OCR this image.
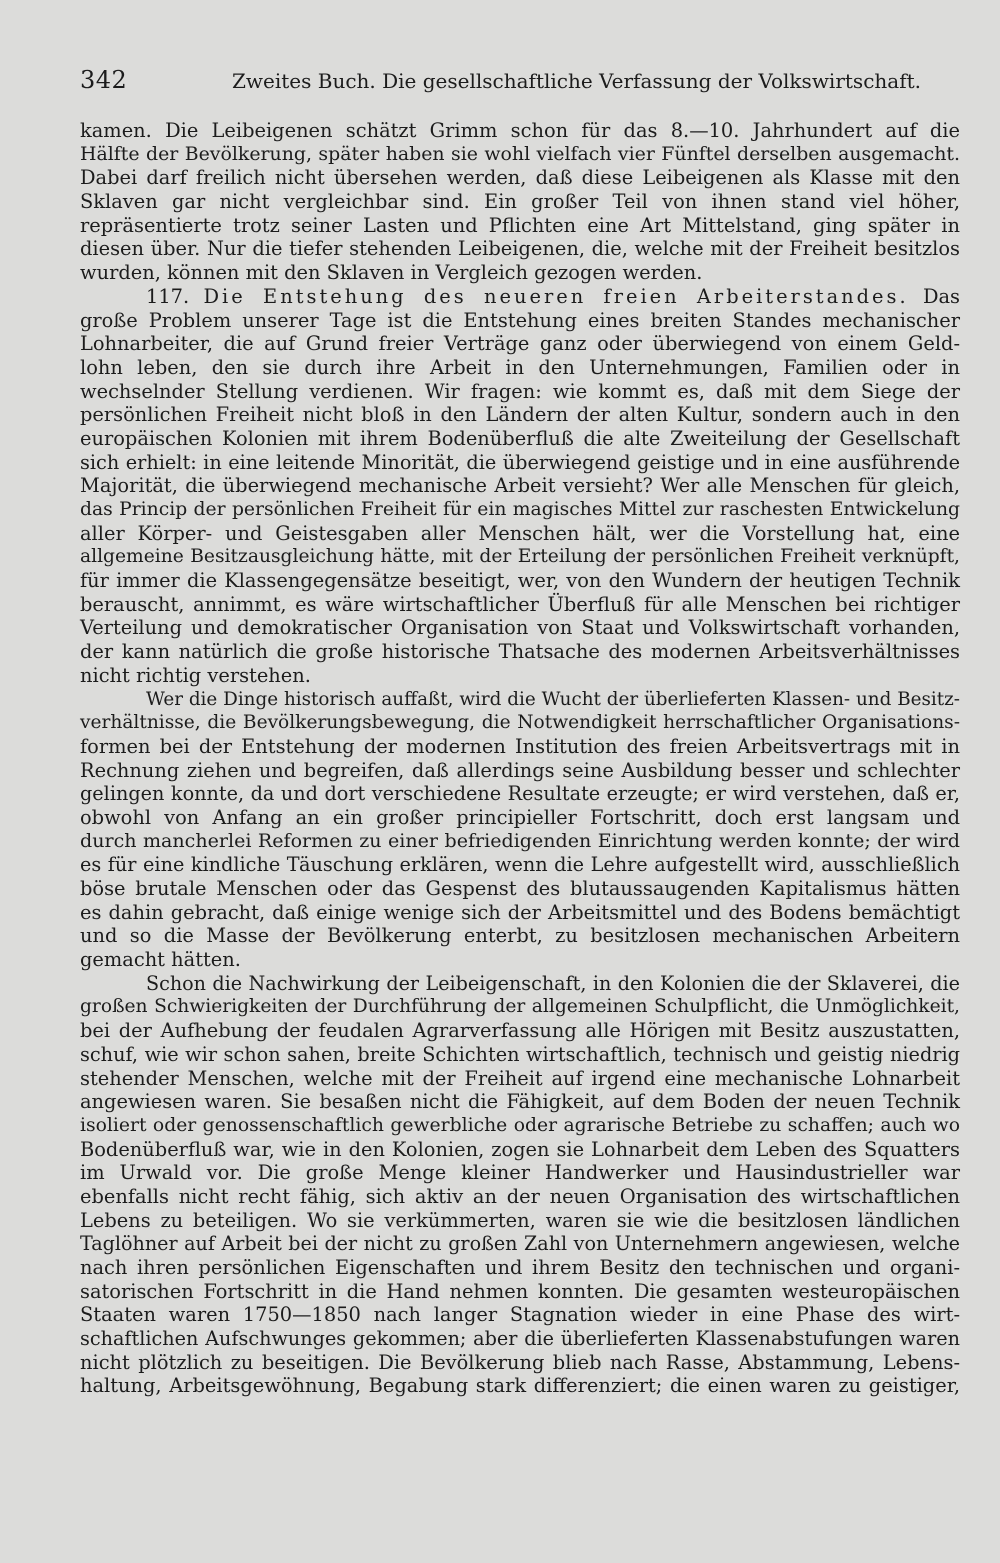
342	Zweites Buch. Die gesellschaftliche Verfassung der Volkswirtschaft.
kamen. Die Leibeigenen schätzt Grimm schon für das 8.—10. Jahrhundert auf die
Hälfte der Bevölkerung, später haben sie wohl vielfach vier Fünftel derselben ausgemacht.
Dabei darf freilich nicht übersehen werden, daß diese Leibeigenen als Klasse mit den
Sklaven gar nicht vergleichbar sind. Ein großer Teil von ihnen stand viel höher,
repräsentierte trotz seiner Lasten und Pflichten eine Art Mittelstand, ging später in
diesen über. Nur die tiefer stehenden Leibeigenen, die, welche mit der Freiheit besitzlos
wurden, können mit den Sklaven in Vergleich gezogen werden.
117. Die Entstehung des neueren freien Arbeiterstandes. Das
große Problem unserer Tage ist die Entstehung eines breiten Standes mechanischer
Lohnarbeiter, die auf Grund freier Verträge ganz oder überwiegend von einem Geld-
lohn leben, den sie durch ihre Arbeit in den Unternehmungen, Familien oder in
wechselnder Stellung verdienen. Wir fragen: wie kommt es, daß mit dem Siege der
persönlichen Freiheit nicht bloß in den Ländern der alten Kultur, sondern auch in den
europäischen Kolonien mit ihrem Bodenüberfluß die alte Zweiteilung der Gesellschaft
sich erhielt: in eine leitende Minorität, die überwiegend geistige und in eine ausführende
Majorität, die überwiegend mechanische Arbeit versieht? Wer alle Menschen für gleich,
das Princip der persönlichen Freiheit für ein magisches Mittel zur raschesten Entwickelung
aller Körper- und Geistesgaben aller Menschen hält, wer die Vorstellung hat, eine
allgemeine Besitzausgleichung hätte, mit der Erteilung der persönlichen Freiheit verknüpft,
für immer die Klassengegensätze beseitigt, wer, von den Wundern der heutigen Technik
berauscht, annimmt, es wäre wirtschaftlicher Überfluß für alle Menschen bei richtiger
Verteilung und demokratischer Organisation von Staat und Volkswirtschaft vorhanden,
der kann natürlich die große historische Thatsache des modernen Arbeitsverhältnisses
nicht richtig verstehen.
Wer die Dinge historisch auffaßt, wird die Wucht der überlieferten Klassen- und Besitz-
verhältnisse, die Bevölkerungsbewegung, die Notwendigkeit herrschaftlicher Organisations-
formen bei der Entstehung der modernen Institution des freien Arbeitsvertrags mit in
Rechnung ziehen und begreifen, daß allerdings seine Ausbildung besser und schlechter
gelingen konnte, da und dort verschiedene Resultate erzeugte; er wird verstehen, daß er,
obwohl von Anfang an ein großer principieller Fortschritt, doch erst langsam und
durch mancherlei Reformen zu einer befriedigenden Einrichtung werden konnte; der wird
es für eine kindliche Täuschung erklären, wenn die Lehre aufgestellt wird, ausschließlich
böse brutale Menschen oder das Gespenst des blutaussaugenden Kapitalismus hätten
es dahin gebracht, daß einige wenige sich der Arbeitsmittel und des Bodens bemächtigt
und so die Masse der Bevölkerung enterbt, zu besitzlosen mechanischen Arbeitern
gemacht hätten.
Schon die Nachwirkung der Leibeigenschaft, in den Kolonien die der Sklaverei, die
großen Schwierigkeiten der Durchführung der allgemeinen Schulpflicht, die Unmöglichkeit,
bei der Aufhebung der feudalen Agrarverfassung alle Hörigen mit Besitz auszustatten,
schuf, wie wir schon sahen, breite Schichten wirtschaftlich, technisch und geistig niedrig
stehender Menschen, welche mit der Freiheit auf irgend eine mechanische Lohnarbeit
angewiesen waren. Sie besaßen nicht die Fähigkeit, auf dem Boden der neuen Technik
isoliert oder genossenschaftlich gewerbliche oder agrarische Betriebe zu schaffen; auch wo
Bodenüberfluß war, wie in den Kolonien, zogen sie Lohnarbeit dem Leben des Squatters
im Urwald vor. Die große Menge kleiner Handwerker und Hausindustrieller war
ebenfalls nicht recht fähig, sich aktiv an der neuen Organisation des wirtschaftlichen
Lebens zu beteiligen. Wo sie verkümmerten, waren sie wie die besitzlosen ländlichen
Taglöhner auf Arbeit bei der nicht zu großen Zahl von Unternehmern angewiesen, welche
nach ihren persönlichen Eigenschaften und ihrem Besitz den technischen und organi-
satorischen Fortschritt in die Hand nehmen konnten. Die gesamten westeuropäischen
Staaten waren 1750—1850 nach langer Stagnation wieder in eine Phase des wirt-
schaftlichen Aufschwunges gekommen; aber die überlieferten Klassenabstufungen waren
nicht plötzlich zu beseitigen. Die Bevölkerung blieb nach Rasse, Abstammung, Lebens-
haltung, Arbeitsgewöhnung, Begabung stark differenziert; die einen waren zu geistiger,
